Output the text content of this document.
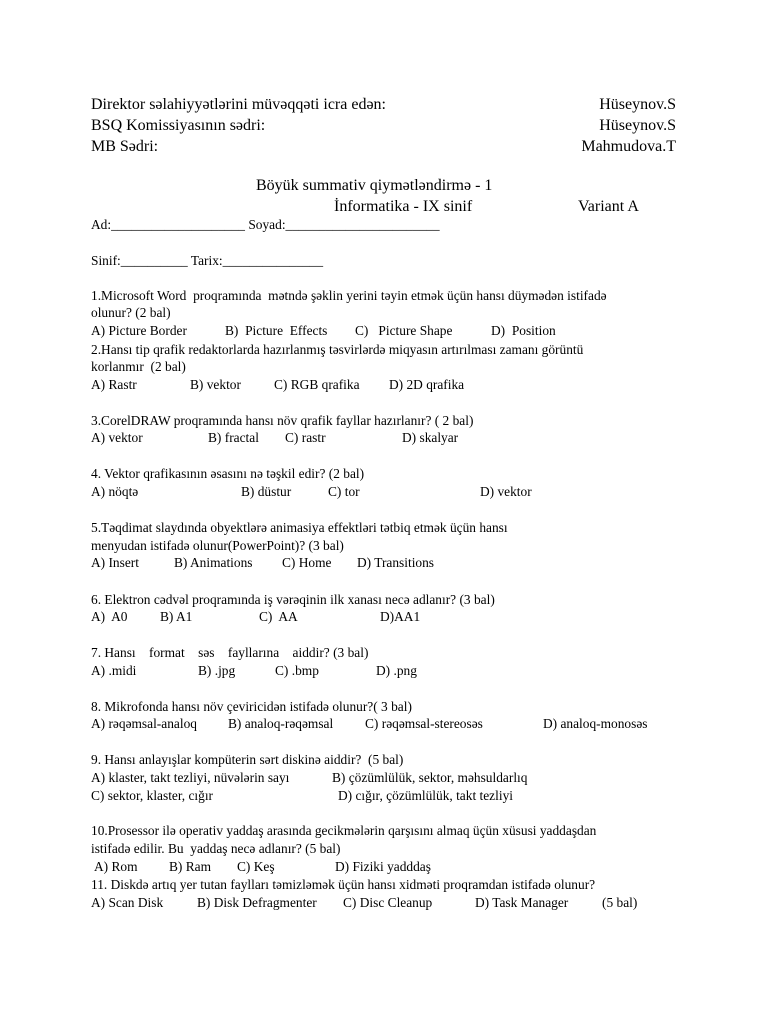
Direktor səlahiyyətlərini müvəqqəti icra edən:	Hüseynov.S
BSQ Komissiyasının sədri:	Hüseynov.S
MB Sədri:	Mahmudova.T
Böyük summativ qiymətləndirmə - 1
İnformatika - IX sinif	Variant A
Ad:____________________ Soyad:_______________________
Sinif:__________ Tarix:_______________
1.Microsoft Word  proqramında  mətndə şəklin yerini təyin etmək üçün hansı düymədən istifadə
olunur? (2 bal)
A) Picture Border	B)  Picture  Effects C)   Picture Shape	D)  Position
2.Hansı tip qrafik redaktorlarda hazırlanmış təsvirlərdə miqyasın artırılması zamanı görüntü
korlanmır  (2 bal)
A) Rastr	B) vektor C) RGB qrafika D) 2D qrafika
3.CorelDRAW proqramında hansı növ qrafik fayllar hazırlanır? ( 2 bal)
A) vektor	B) fractal C) rastr	D) skalyar
4. Vektor qrafikasının əsasını nə təşkil edir? (2 bal)
A) nöqtə	B) düstur	C) tor	D) vektor
5.Təqdimat slaydında obyektlərə animasiya effektləri tətbiq etmək üçün hansı
menyudan istifadə olunur(PowerPoint)? (3 bal)
A) Insert	B) Animations C) Home D) Transitions
6. Elektron cədvəl proqramında iş vərəqinin ilk xanası necə adlanır? (3 bal)
A)  A0 B) A1	C)  AA	D)AA1
7. Hansı    format    səs    fayllarına    aiddir? (3 bal)
A) .midi	B) .jpg	C) .bmp	D) .png
8. Mikrofonda hansı növ çeviricidən istifadə olunur?( 3 bal)
A) rəqəmsal-analoq B) analoq-rəqəmsal C) rəqəmsal-stereosəs	D) analoq-monosəs
9. Hansı anlayışlar kompüterin sərt diskinə aiddir?  (5 bal)
A) klaster, takt tezliyi, nüvələrin sayı	B) çözümlülük, sektor, məhsuldarlıq
C) sektor, klaster, cığır	D) cığır, çözümlülük, takt tezliyi
10.Prosessor ilə operativ yaddaş arasında gecikmələrin qarşısını almaq üçün xüsusi yaddaşdan
istifadə edilir. Bu  yaddaş necə adlanır? (5 bal)
A) Rom B) Ram C) Keş	D) Fiziki yadddaş
11. Diskdə artıq yer tutan faylları təmizləmək üçün hansı xidməti proqramdan istifadə olunur?
A) Scan Disk	B) Disk Defragmenter C) Disc Cleanup	D) Task Manager	(5 bal)
